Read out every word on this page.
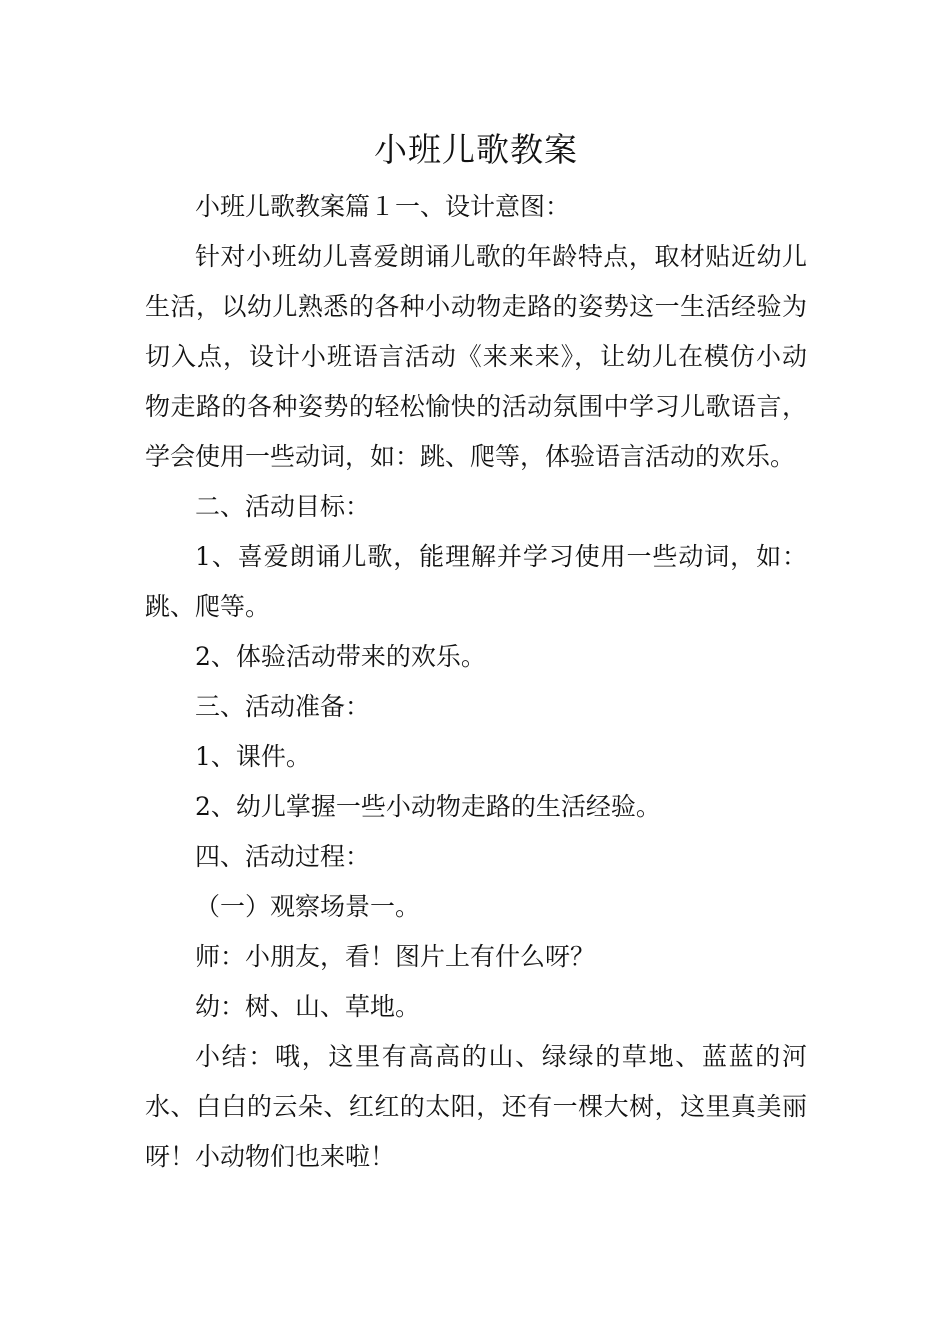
小班儿歌教案

小班儿歌教案篇１一、设计意图：

针对小班幼儿喜爱朗诵儿歌的年龄特点，取材贴近幼儿生活，以幼儿熟悉的各种小动物走路的姿势这一生活经验为切入点，设计小班语言活动《来来来》，让幼儿在模仿小动物走路的各种姿势的轻松愉快的活动氛围中学习儿歌语言，学会使用一些动词，如：跳、爬等，体验语言活动的欢乐。

二、活动目标：

1、喜爱朗诵儿歌，能理解并学习使用一些动词，如：跳、爬等。

2、体验活动带来的欢乐。

三、活动准备：

1、课件。

2、幼儿掌握一些小动物走路的生活经验。

四、活动过程：

（一）观察场景一。

师：小朋友，看！图片上有什么呀？

幼：树、山、草地。

小结：哦，这里有高高的山、绿绿的草地、蓝蓝的河水、白白的云朵、红红的太阳，还有一棵大树，这里真美丽呀！小动物们也来啦！
